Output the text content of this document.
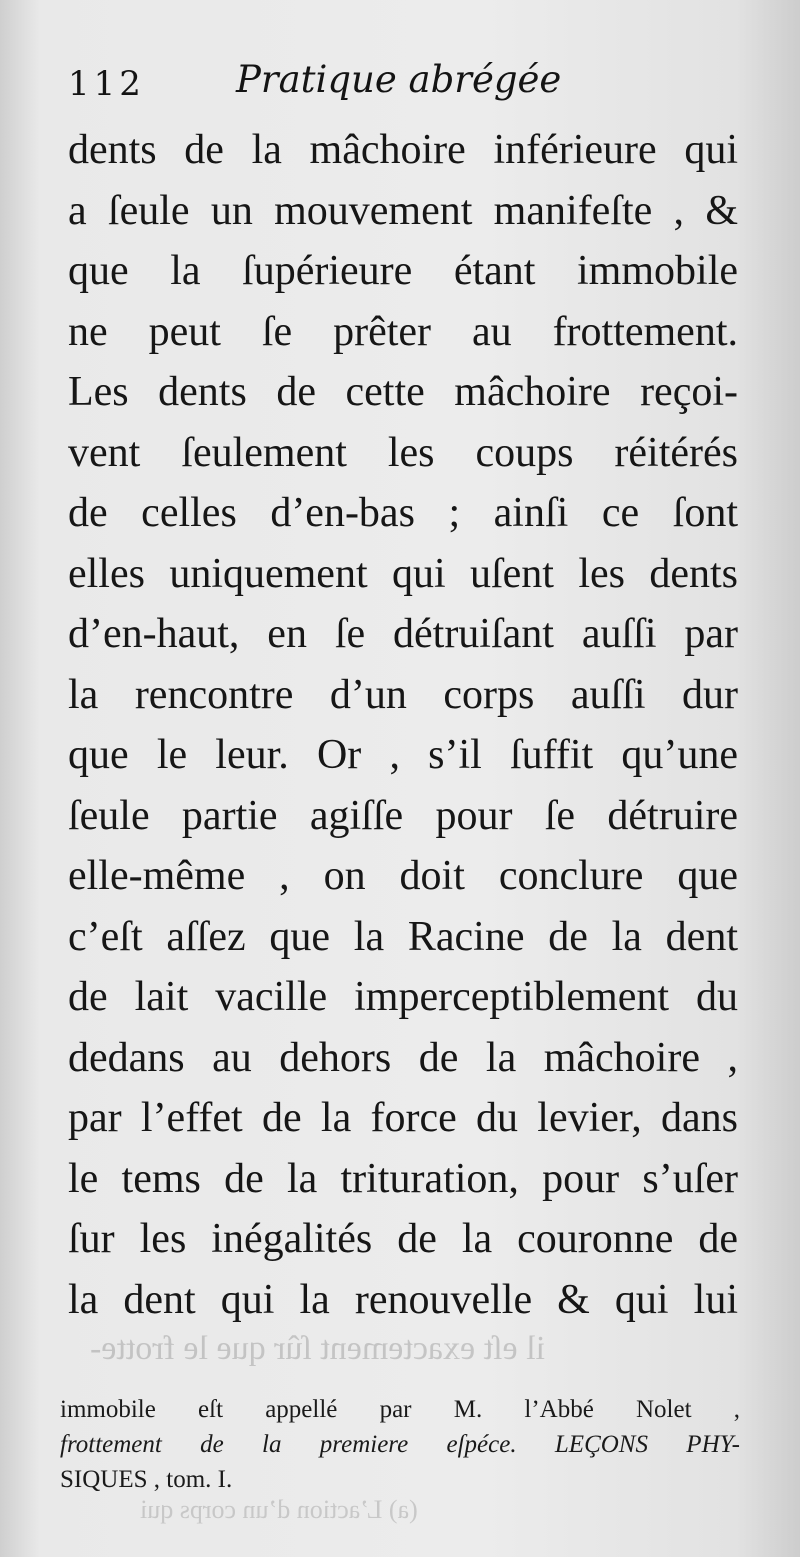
il eſt exactement ſûr que le frotte-
(a) L’action d’un corps qui
112 Pratique abrégée
dents de la mâchoire inférieure qui
a ſeule un mouvement manifeſte , &
que la ſupérieure étant immobile
ne peut ſe prêter au frottement.
Les dents de cette mâchoire reçoi-
vent ſeulement les coups réitérés
de celles d’en-bas ; ainſi ce ſont
elles uniquement qui uſent les dents
d’en-haut, en ſe détruiſant auſſi par
la rencontre d’un corps auſſi dur
que le leur. Or , s’il ſuffit qu’une
ſeule partie agiſſe pour ſe détruire
elle-même , on doit conclure que
c’eſt aſſez que la Racine de la dent
de lait vacille imperceptiblement du
dedans au dehors de la mâchoire ,
par l’effet de la force du levier, dans
le tems de la trituration, pour s’uſer
ſur les inégalités de la couronne de
la dent qui la renouvelle & qui lui
immobile eſt appellé par M. l’Abbé Nolet ,
frottement de la premiere eſpéce. LEÇONS PHY-
SIQUES , tom. I.
